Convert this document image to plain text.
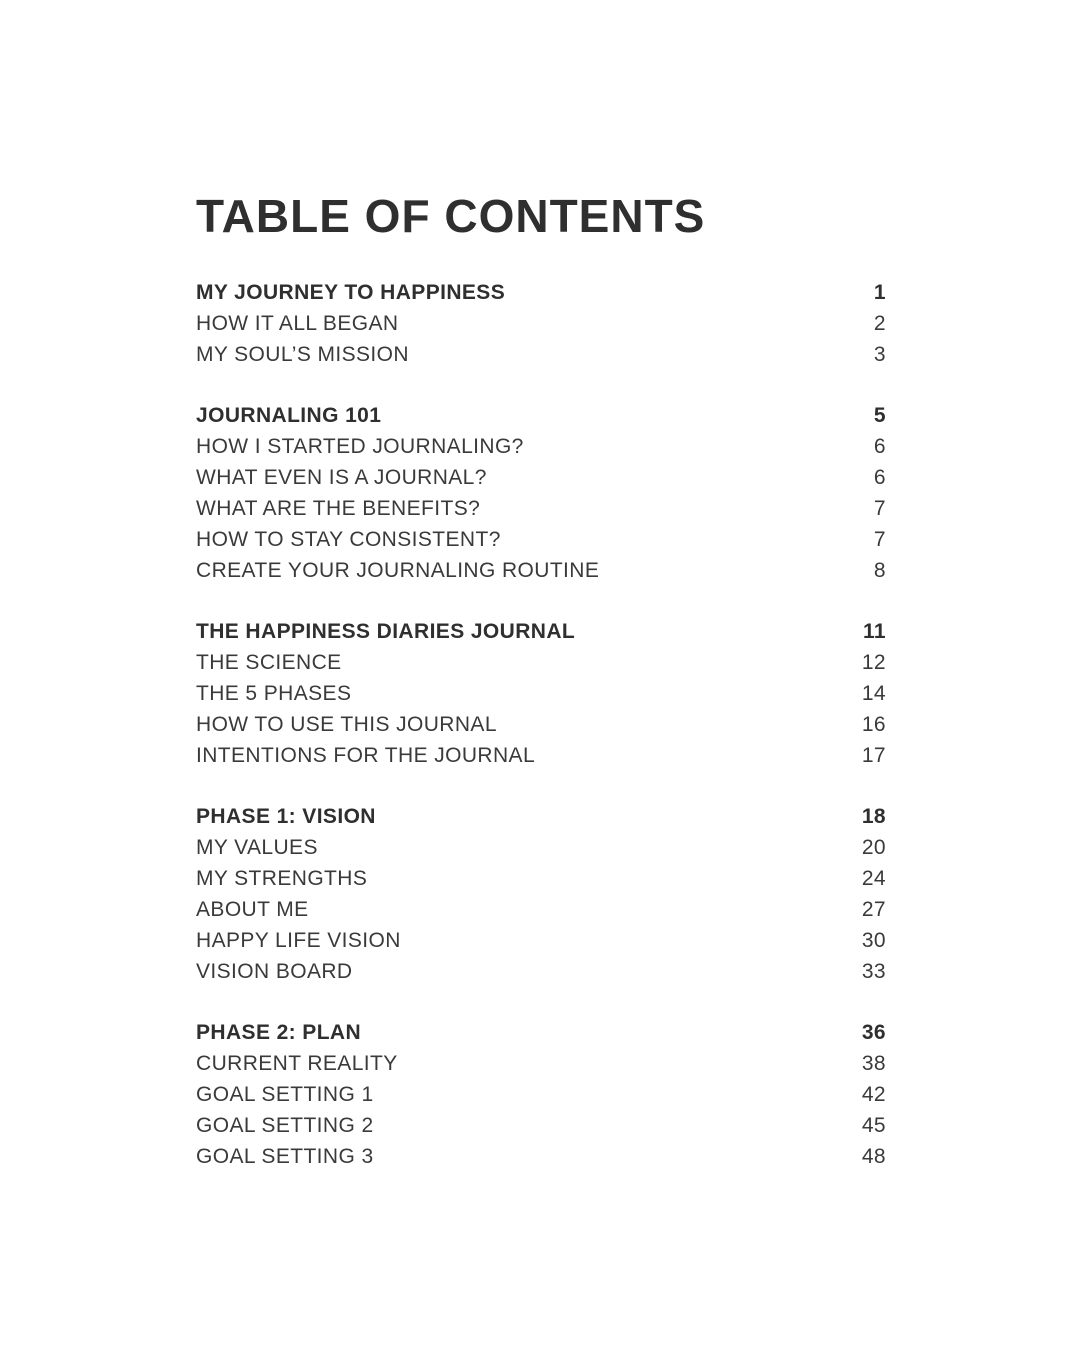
TABLE OF CONTENTS
MY JOURNEY TO HAPPINESS	1
HOW IT ALL BEGAN	2
MY SOUL’S MISSION	3
JOURNALING 101	5
HOW I STARTED JOURNALING?	6
WHAT EVEN IS A JOURNAL?	6
WHAT ARE THE BENEFITS?	7
HOW TO STAY CONSISTENT?	7
CREATE YOUR JOURNALING ROUTINE	8
THE HAPPINESS DIARIES JOURNAL	11
THE SCIENCE	12
THE 5 PHASES	14
HOW TO USE THIS JOURNAL	16
INTENTIONS FOR THE JOURNAL	17
PHASE 1: VISION	18
MY VALUES	20
MY STRENGTHS	24
ABOUT ME	27
HAPPY LIFE VISION	30
VISION BOARD	33
PHASE 2: PLAN	36
CURRENT REALITY	38
GOAL SETTING 1	42
GOAL SETTING 2	45
GOAL SETTING 3	48
